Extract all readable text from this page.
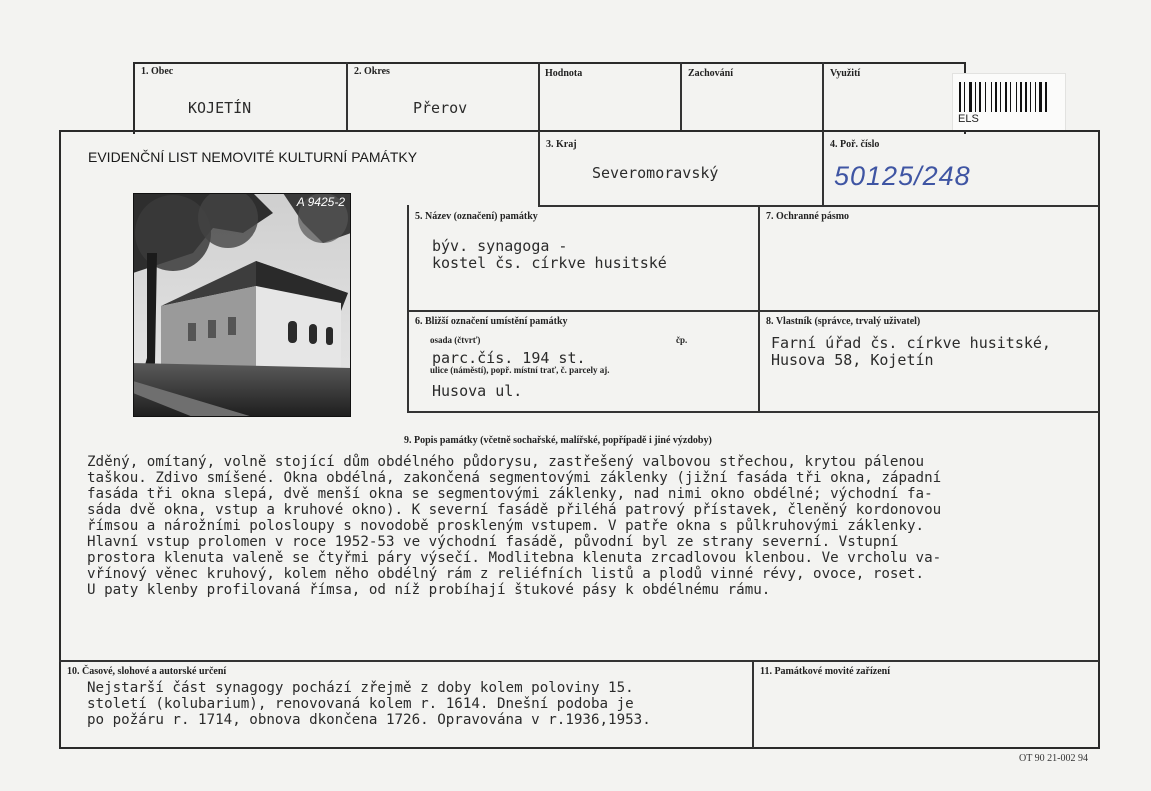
1. Obec
KOJETÍN
2. Okres
Přerov
Hodnota	Zachování	Využití
ELS
EVIDENČNÍ LIST NEMOVITÉ KULTURNÍ PAMÁTKY
3. Kraj
Severomoravský
4. Poř. číslo
50125/248
A 9425-2
5. Název (označení) památky
býv. synagoga -
kostel čs. církve husitské
7. Ochranné pásmo
6. Bližší označení umístění památky
osada (čtvrť)	čp.
parc.čís. 194 st.
ulice (náměstí), popř. místní trať, č. parcely aj.
Husova ul.
8. Vlastník (správce, trvalý uživatel)
Farní úřad čs. církve husitské,
Husova 58, Kojetín
9. Popis památky (včetně sochařské, malířské, popřípadě i jiné výzdoby)
Zděný, omítaný, volně stojící dům obdélného půdorysu, zastřešený valbovou střechou, krytou pálenou
taškou. Zdivo smíšené. Okna obdélná, zakončená segmentovými záklenky (jižní fasáda tři okna, západní
fasáda tři okna slepá, dvě menší okna se segmentovými záklenky, nad nimi okno obdélné; východní fa-
sáda dvě okna, vstup a kruhové okno). K severní fasádě přiléhá patrový přístavek, členěný kordonovou
římsou a nárožními polosloupy s novodobě proskleným vstupem. V patře okna s půlkruhovými záklenky.
Hlavní vstup prolomen v roce 1952-53 ve východní fasádě, původní byl ze strany severní. Vstupní
prostora klenuta valeně se čtyřmi páry výsečí. Modlitebna klenuta zrcadlovou klenbou. Ve vrcholu va-
vřínový věnec kruhový, kolem něho obdélný rám z reliéfních listů a plodů vinné révy, ovoce, roset.
U paty klenby profilovaná římsa, od níž probíhají štukové pásy k obdélnému rámu.
10. Časové, slohové a autorské určení
Nejstarší část synagogy pochází zřejmě z doby kolem poloviny 15.
století (kolubarium), renovovaná kolem r. 1614. Dnešní podoba je
po požáru r. 1714, obnova dkončena 1726. Opravována v r.1936,1953.
11. Památkové movité zařízení
OT 90 21-002 94
